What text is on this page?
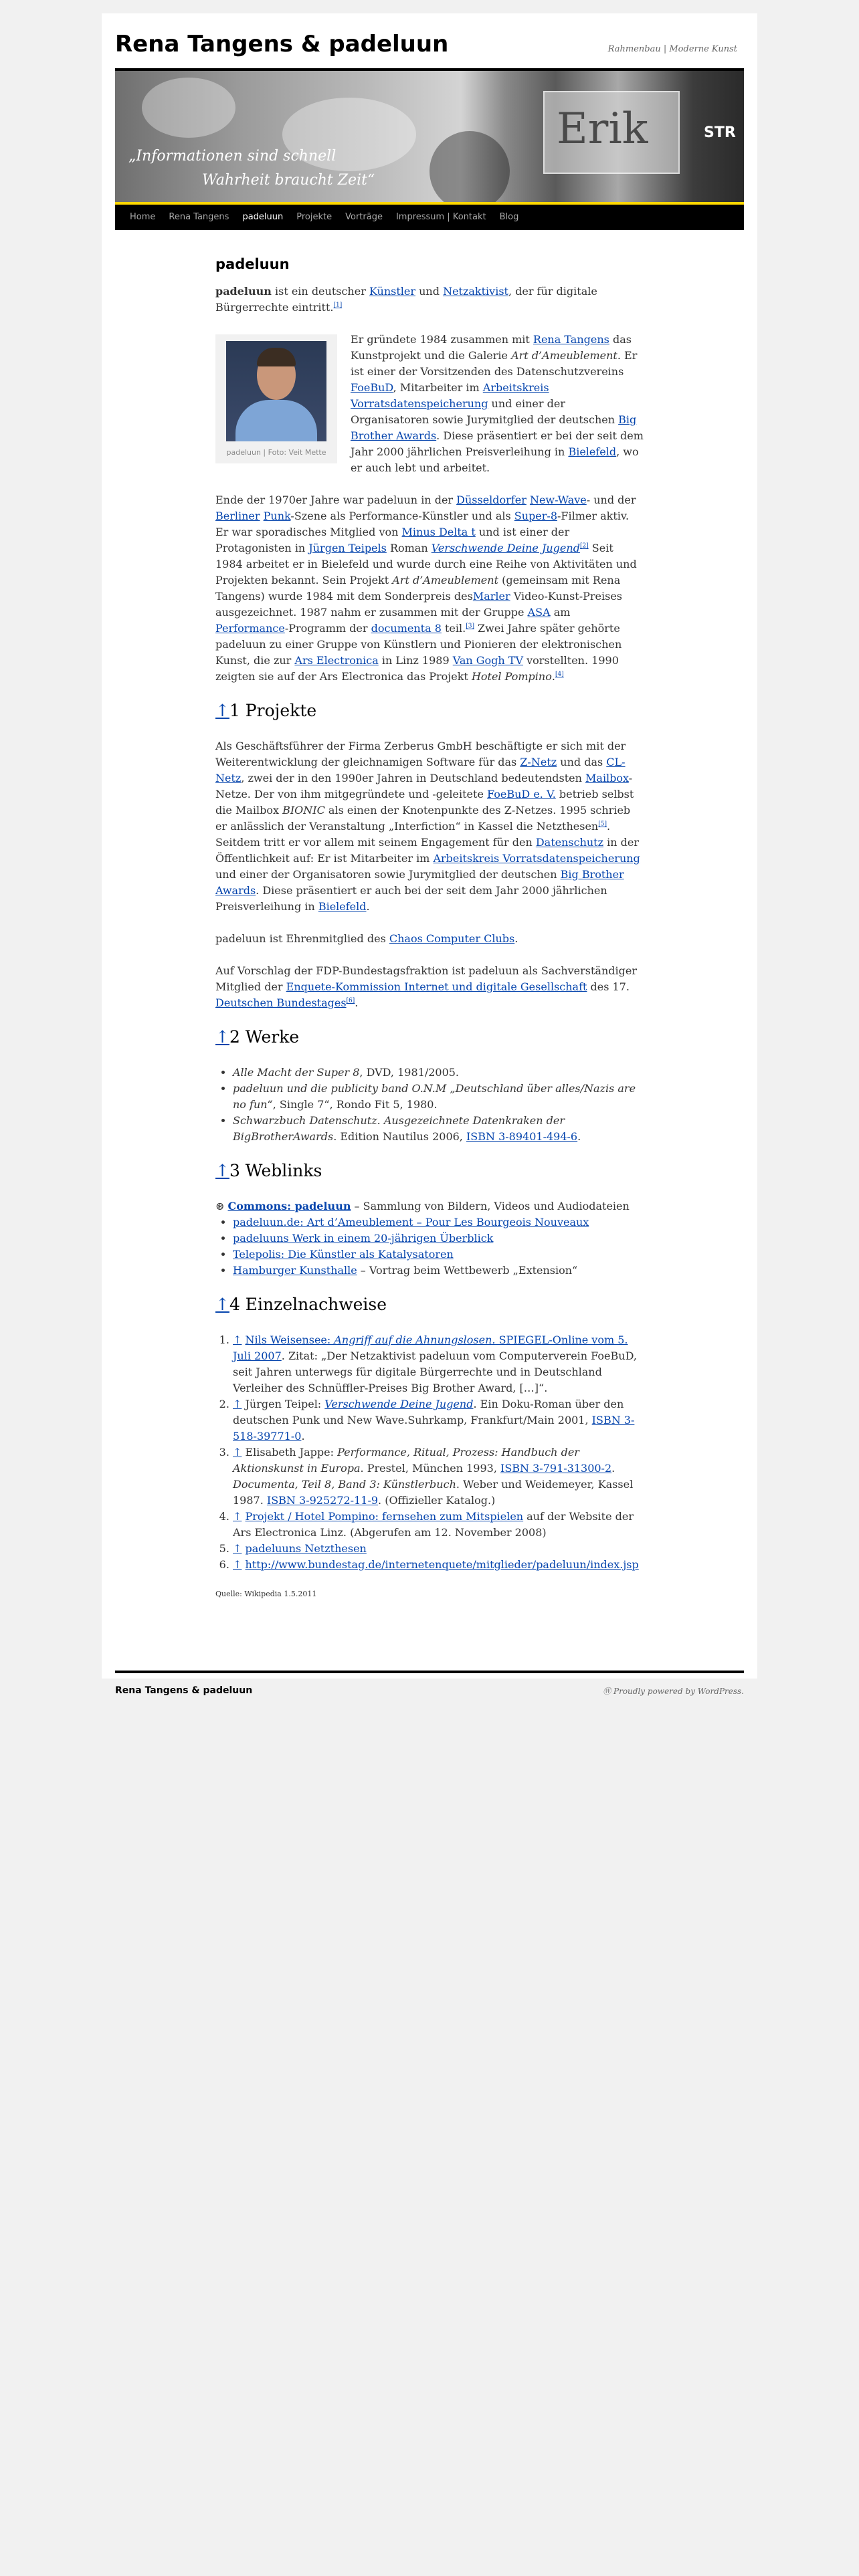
Rena Tangens & padeluun	Rahmenbau | Moderne Kunst
Erik	STR
„Informationen sind schnell
Wahrheit braucht Zeit“
Home	Rena Tangens	padeluun	Projekte	Vorträge	Impressum | Kontakt	Blog
padeluun

padeluun ist ein deutscher Künstler und Netzaktivist, der für digitale Bürgerrechte eintritt.[1]

padeluun | Foto: Veit Mette

Er gründete 1984 zusammen mit Rena Tangens das Kunstprojekt und die Galerie Art d’Ameublement. Er ist einer der Vorsitzenden des Datenschutzvereins FoeBuD, Mitarbeiter im Arbeitskreis Vorratsdatenspeicherung und einer der Organisatoren sowie Jurymitglied der deutschen Big Brother Awards. Diese präsentiert er bei der seit dem Jahr 2000 jährlichen Preisverleihung in Bielefeld, wo er auch lebt und arbeitet.

Ende der 1970er Jahre war padeluun in der Düsseldorfer New-Wave- und der Berliner Punk-Szene als Performance-Künstler und als Super-8-Filmer aktiv. Er war sporadisches Mitglied von Minus Delta t und ist einer der Protagonisten in Jürgen Teipels Roman Verschwende Deine Jugend[2] Seit 1984 arbeitet er in Bielefeld und wurde durch eine Reihe von Aktivitäten und Projekten bekannt. Sein Projekt Art d’Ameublement (gemeinsam mit Rena Tangens) wurde 1984 mit dem Sonderpreis desMarler Video-Kunst-Preises ausgezeichnet. 1987 nahm er zusammen mit der Gruppe ASA am Performance-Programm der documenta 8 teil.[3] Zwei Jahre später gehörte padeluun zu einer Gruppe von Künstlern und Pionieren der elektronischen Kunst, die zur Ars Electronica in Linz 1989 Van Gogh TV vorstellten. 1990 zeigten sie auf der Ars Electronica das Projekt Hotel Pompino.[4]

↑1 Projekte

Als Geschäftsführer der Firma Zerberus GmbH beschäftigte er sich mit der Weiterentwicklung der gleichnamigen Software für das Z-Netz und das CL-Netz, zwei der in den 1990er Jahren in Deutschland bedeutendsten Mailbox-Netze. Der von ihm mitgegründete und -geleitete FoeBuD e. V. betrieb selbst die Mailbox BIONIC als einen der Knotenpunkte des Z-Netzes. 1995 schrieb er anlässlich der Veranstaltung „Interfiction“ in Kassel die Netzthesen[5]. Seitdem tritt er vor allem mit seinem Engagement für den Datenschutz in der Öffentlichkeit auf: Er ist Mitarbeiter im Arbeitskreis Vorratsdatenspeicherung und einer der Organisatoren sowie Jurymitglied der deutschen Big Brother Awards. Diese präsentiert er auch bei der seit dem Jahr 2000 jährlichen Preisverleihung in Bielefeld.

padeluun ist Ehrenmitglied des Chaos Computer Clubs.

Auf Vorschlag der FDP-Bundestagsfraktion ist padeluun als Sachverständiger Mitglied der Enquete-Kommission Internet und digitale Gesellschaft des 17. Deutschen Bundestages[6].

↑2 Werke
• Alle Macht der Super 8, DVD, 1981/2005.
• padeluun und die publicity band O.N.M „Deutschland über alles/Nazis are no fun“, Single 7“, Rondo Fit 5, 1980.
• Schwarzbuch Datenschutz. Ausgezeichnete Datenkraken der BigBrotherAwards. Edition Nautilus 2006, ISBN 3-89401-494-6.
↑3 Weblinks
⊛ Commons: padeluun – Sammlung von Bildern, Videos und Audiodateien
• padeluun.de: Art d’Ameublement – Pour Les Bourgeois Nouveaux
• padeluuns Werk in einem 20-jährigen Überblick
• Telepolis: Die Künstler als Katalysatoren
• Hamburger Kunsthalle – Vortrag beim Wettbewerb „Extension“
↑4 Einzelnachweise
1. ↑ Nils Weisensee: Angriff auf die Ahnungslosen. SPIEGEL-Online vom 5. Juli 2007. Zitat: „Der Netzaktivist padeluun vom Computerverein FoeBuD, seit Jahren unterwegs für digitale Bürgerrechte und in Deutschland Verleiher des Schnüffler-Preises Big Brother Award, […]“.
2. ↑ Jürgen Teipel: Verschwende Deine Jugend. Ein Doku-Roman über den deutschen Punk und New Wave.Suhrkamp, Frankfurt/Main 2001, ISBN 3-518-39771-0.
3. ↑ Elisabeth Jappe: Performance, Ritual, Prozess: Handbuch der Aktionskunst in Europa. Prestel, München 1993, ISBN 3-791-31300-2. Documenta, Teil 8, Band 3: Künstlerbuch. Weber und Weidemeyer, Kassel 1987. ISBN 3-925272-11-9. (Offizieller Katalog.)
4. ↑ Projekt / Hotel Pompino: fernsehen zum Mitspielen auf der Website der Ars Electronica Linz. (Abgerufen am 12. November 2008)
5. ↑ padeluuns Netzthesen
6. ↑ http://www.bundestag.de/internetenquete/mitglieder/padeluun/index.jsp
Quelle: Wikipedia 1.5.2011
Rena Tangens & padeluun	Ⓦ Proudly powered by WordPress.
